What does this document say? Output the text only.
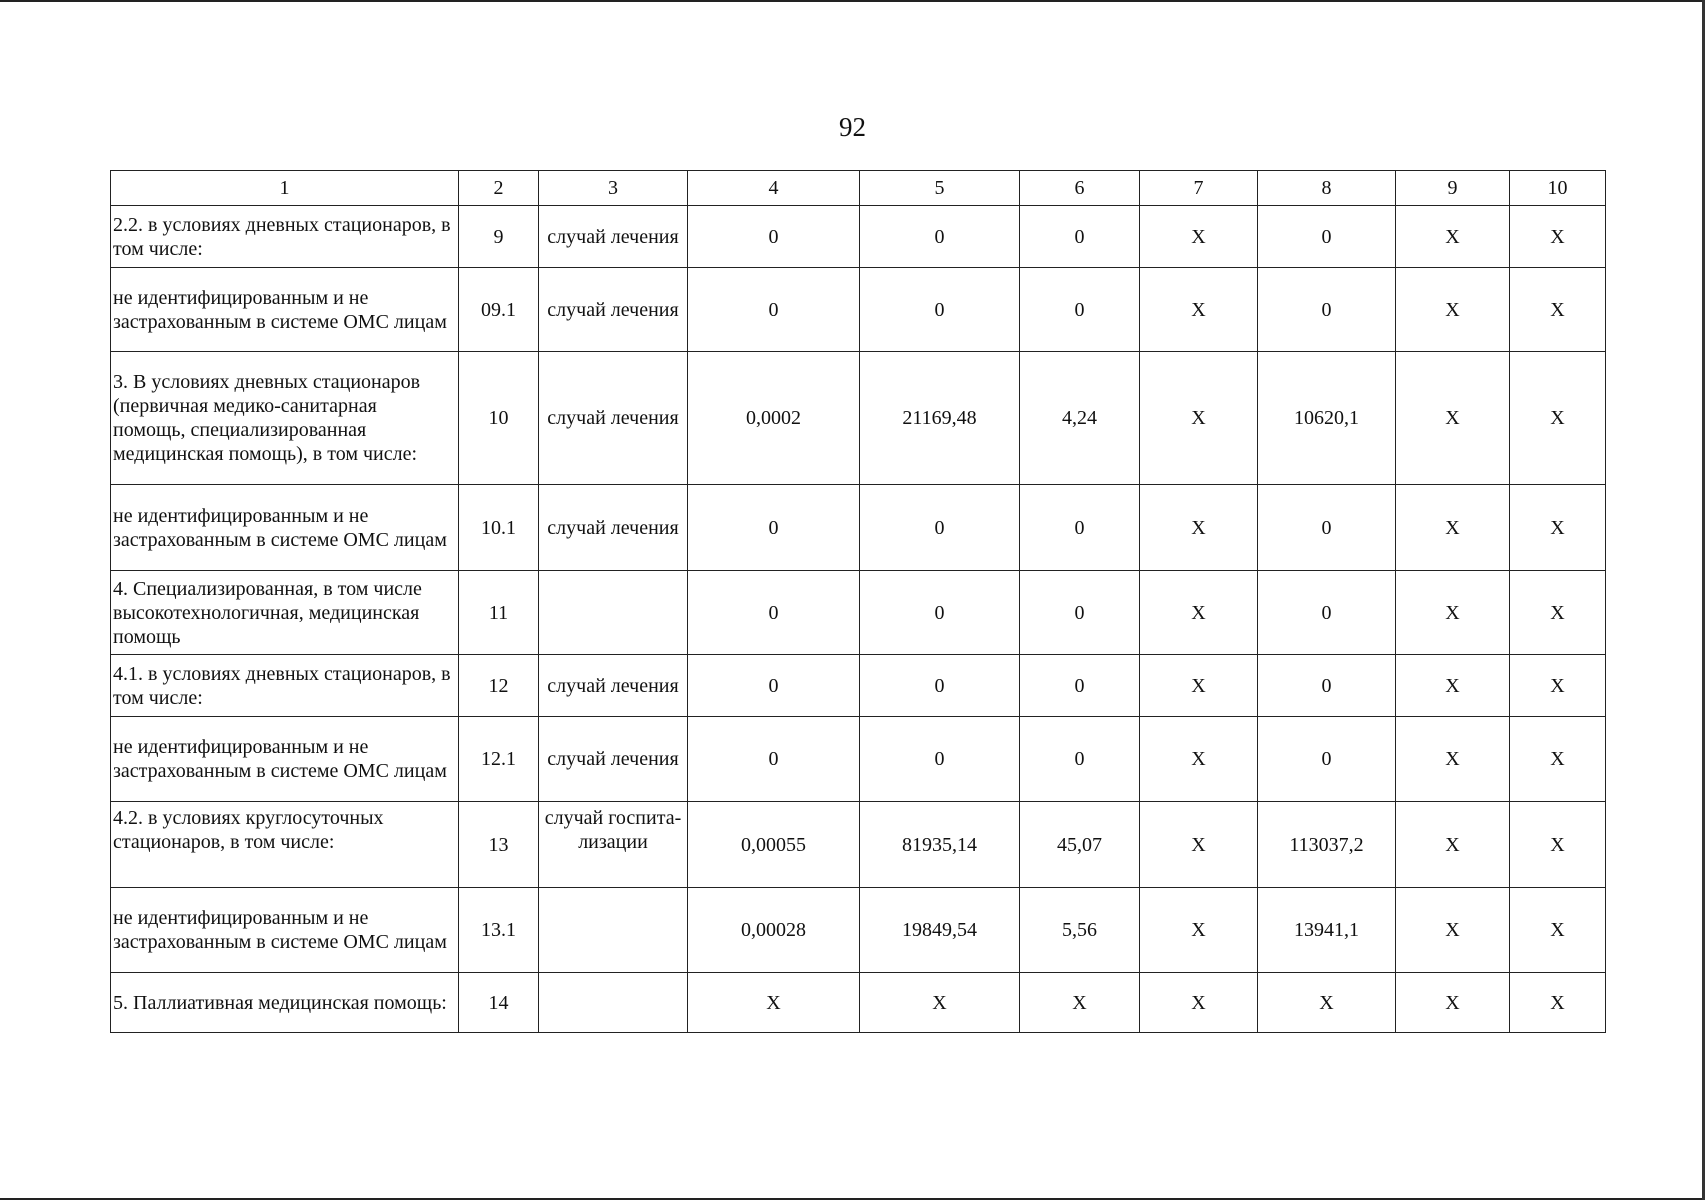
92
1	2	3	4	5	6	7	8	9	10
2.2. в условиях дневных стационаров, в том числе:	9	случай лечения	0	0	0	X	0	X	X
не идентифицированным и не застрахованным в системе ОМС лицам	09.1	случай лечения	0	0	0	X	0	X	X
3. В условиях дневных стационаров (первичная медико-санитарная помощь, специализированная медицинская помощь), в том числе:	10	случай лечения	0,0002	21169,48	4,24	X	10620,1	X	X
не идентифицированным и не застрахованным в системе ОМС лицам	10.1	случай лечения	0	0	0	X	0	X	X
4. Специализированная, в том числе высокотехнологичная, медицинская помощь	11		0	0	0	X	0	X	X
4.1. в условиях дневных стационаров, в том числе:	12	случай лечения	0	0	0	X	0	X	X
не идентифицированным и не застрахованным в системе ОМС лицам	12.1	случай лечения	0	0	0	X	0	X	X
4.2. в условиях круглосуточных стационаров, в том числе:	13	случай госпита-лизации	0,00055	81935,14	45,07	X	113037,2	X	X
не идентифицированным и не застрахованным в системе ОМС лицам	13.1		0,00028	19849,54	5,56	X	13941,1	X	X
5. Паллиативная медицинская помощь:	14		X	X	X	X	X	X	X
